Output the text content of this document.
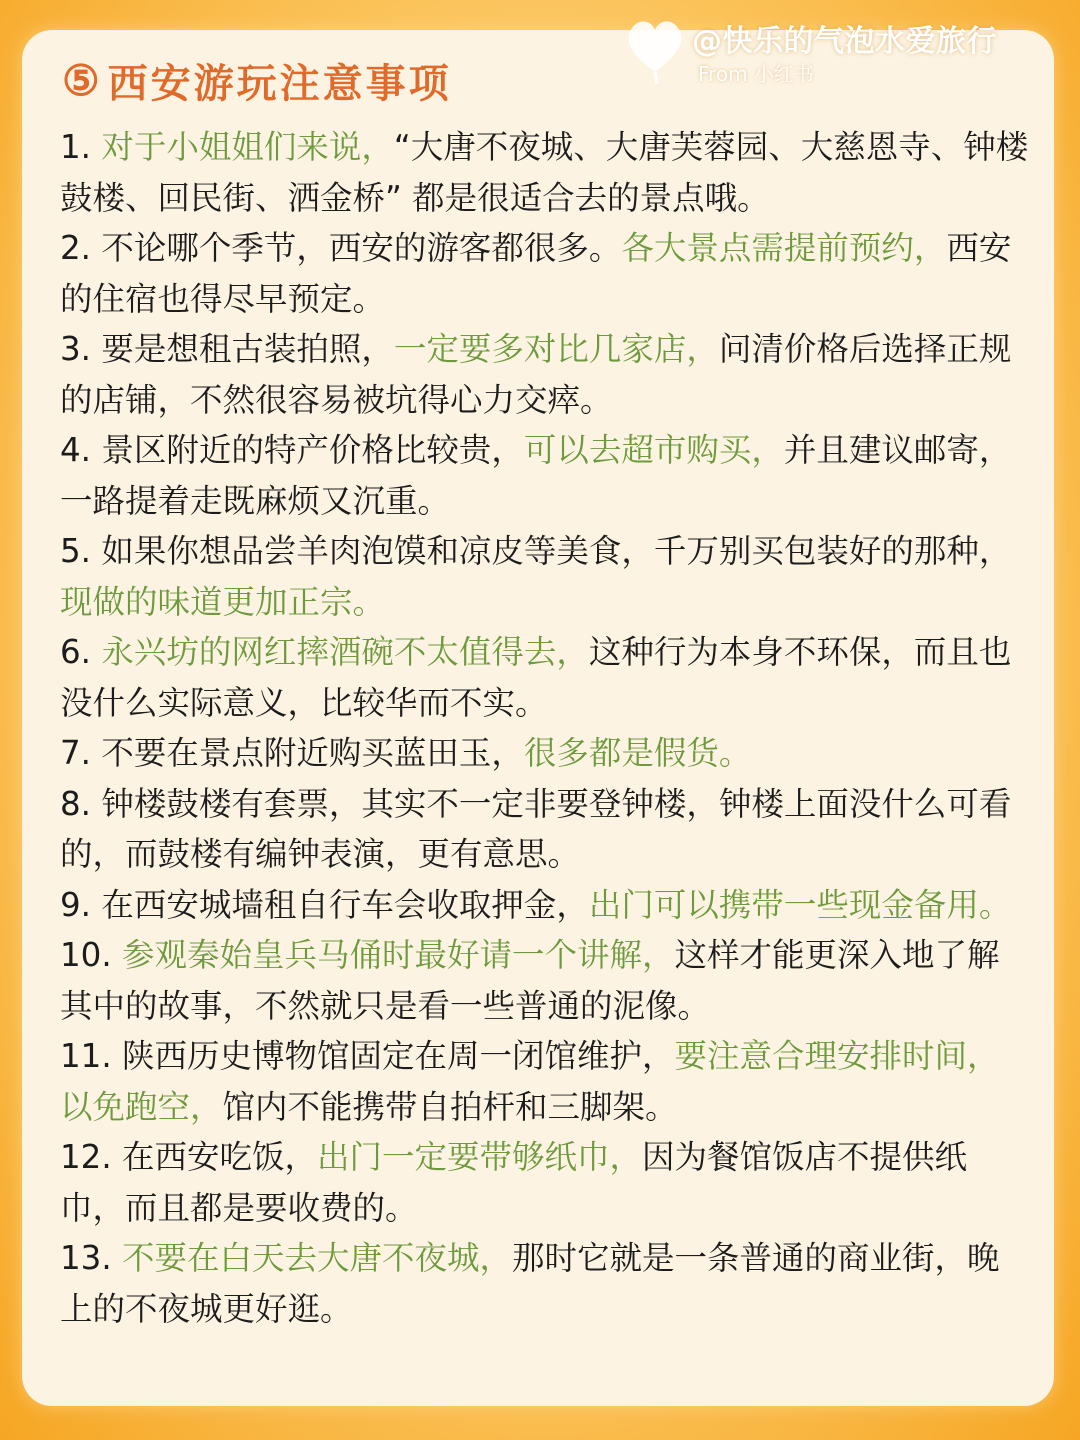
@快乐的气泡水爱旅行
From 小红书
⑤ 西安游玩注意事项

1. 对于小姐姐们来说，“大唐不夜城、大唐芙蓉园、大慈恩寺、钟楼鼓楼、回民街、洒金桥” 都是很适合去的景点哦。

2. 不论哪个季节，西安的游客都很多。各大景点需提前预约，西安的住宿也得尽早预定。

3. 要是想租古装拍照，一定要多对比几家店，问清价格后选择正规的店铺，不然很容易被坑得心力交瘁。

4. 景区附近的特产价格比较贵，可以去超市购买，并且建议邮寄，一路提着走既麻烦又沉重。

5. 如果你想品尝羊肉泡馍和凉皮等美食，千万别买包装好的那种，现做的味道更加正宗。

6. 永兴坊的网红摔酒碗不太值得去，这种行为本身不环保，而且也没什么实际意义，比较华而不实。

7. 不要在景点附近购买蓝田玉，很多都是假货。

8. 钟楼鼓楼有套票，其实不一定非要登钟楼，钟楼上面没什么可看的，而鼓楼有编钟表演，更有意思。

9. 在西安城墙租自行车会收取押金，出门可以携带一些现金备用。

10. 参观秦始皇兵马俑时最好请一个讲解，这样才能更深入地了解其中的故事，不然就只是看一些普通的泥像。

11. 陕西历史博物馆固定在周一闭馆维护，要注意合理安排时间，以免跑空，馆内不能携带自拍杆和三脚架。

12. 在西安吃饭，出门一定要带够纸巾，因为餐馆饭店不提供纸巾，而且都是要收费的。

13. 不要在白天去大唐不夜城，那时它就是一条普通的商业街，晚上的不夜城更好逛。
